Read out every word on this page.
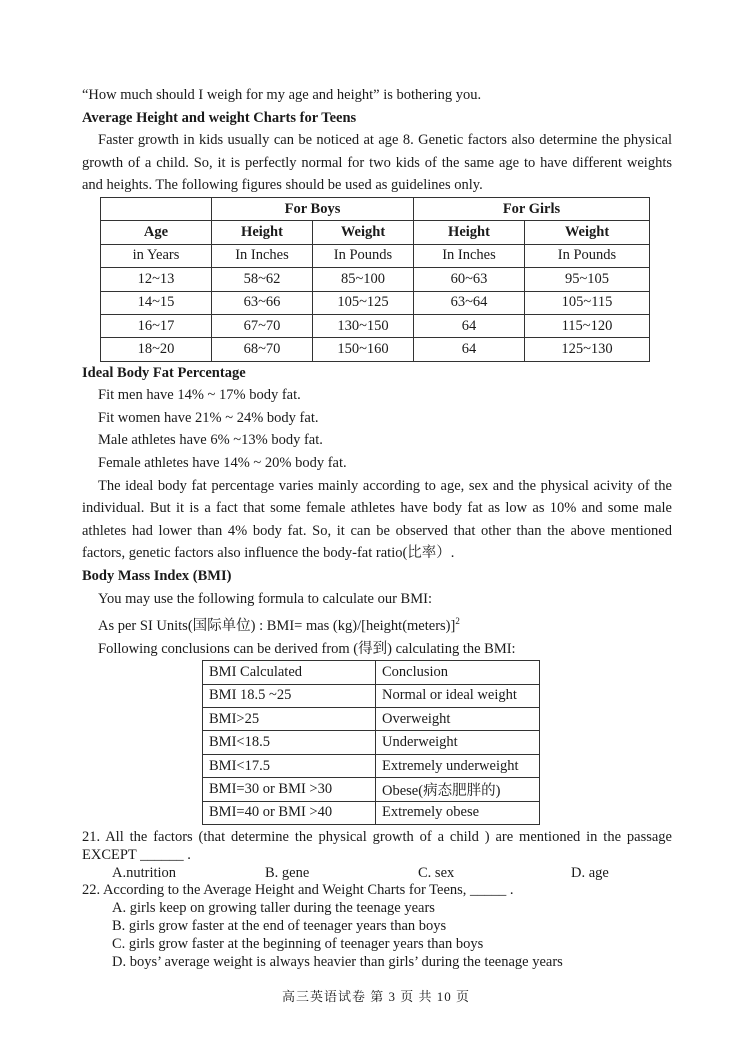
“How much should I weigh for my age and height” is bothering you.

Average Height and weight Charts for Teens

Faster growth in kids usually can be noticed at age 8. Genetic factors also determine the physical growth of a child. So, it is perfectly normal for two kids of the same age to have different weights and heights. The following figures should be used as guidelines only.

	For Boys		For Girls	
Age	Height	Weight	Height	Weight
in Years	In Inches	In Pounds	In Inches	In Pounds
12~13	58~62	85~100	60~63	95~105
14~15	63~66	105~125	63~64	105~115
16~17	67~70	130~150	64	115~120
18~20	68~70	150~160	64	125~130

Ideal Body Fat Percentage

Fit men have 14% ~ 17% body fat.

Fit women have 21% ~ 24% body fat.

Male athletes have 6% ~13% body fat.

Female athletes have 14% ~ 20% body fat.

The ideal body fat percentage varies mainly according to age, sex and the physical acivity of the individual. But it is a fact that some female athletes have body fat as low as 10% and some male athletes had lower than 4% body fat. So, it can be observed that other than the above mentioned factors, genetic factors also influence the body-fat ratio(比率）.

Body Mass Index (BMI)

You may use the following formula to calculate our BMI:

As per SI Units(国际单位) : BMI= mas (kg)/[height(meters)]$^2$

Following conclusions can be derived from (得到) calculating the BMI:

BMI Calculated	Conclusion
BMI 18.5 ~25	Normal or ideal weight
BMI>25	Overweight
BMI<18.5	Underweight
BMI<17.5	Extremely underweight
BMI=30 or BMI >30	Obese(病态肥胖的)
BMI=40 or BMI >40	Extremely obese

21. All the factors (that determine the physical growth of a child ) are mentioned in the passage EXCEPT ______ .

A.nutrition	B. gene	C. sex	D. age

22. According to the Average Height and Weight Charts for Teens, _____ .

A. girls keep on growing taller during the teenage years

B. girls grow faster at the end of teenager years than boys

C. girls grow faster at the beginning of teenager years than boys

D. boys’ average weight is always heavier than girls’ during the teenage years

高三英语试卷 第 3 页 共 10 页
